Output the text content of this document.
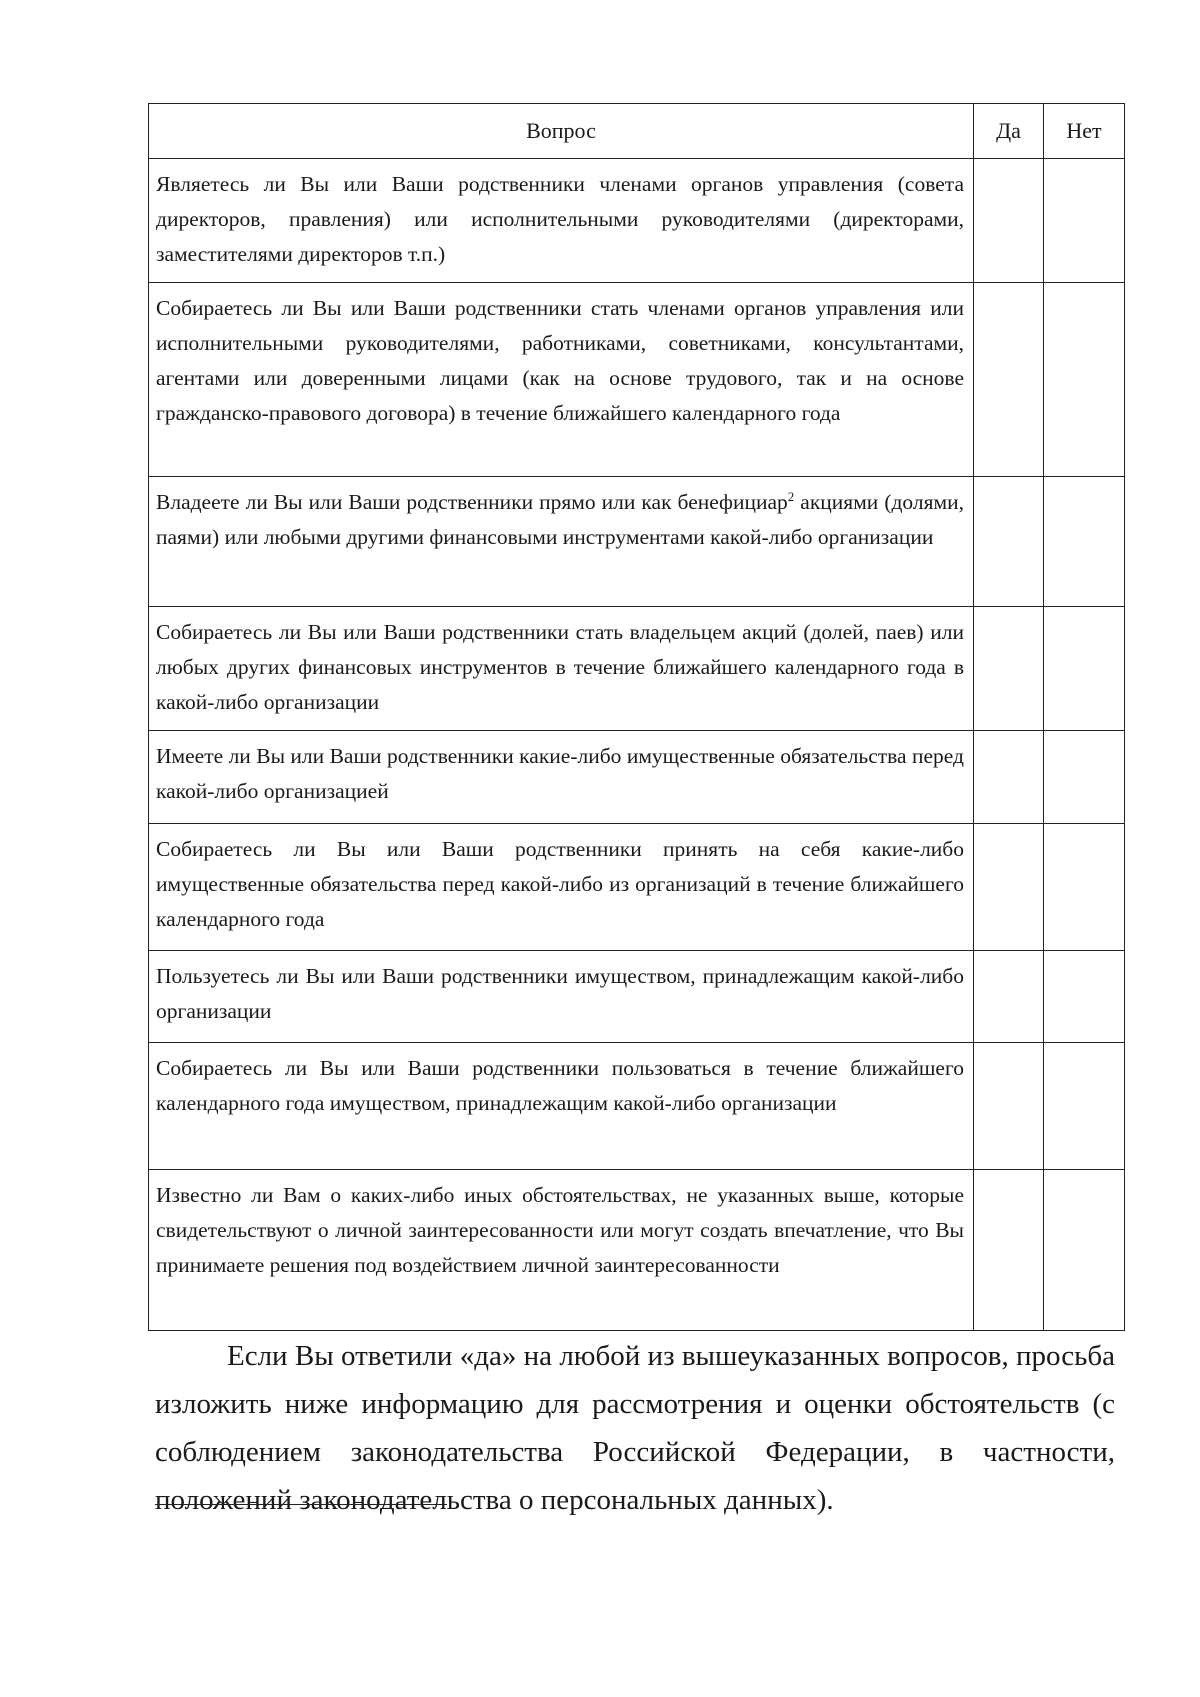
Вопрос	Да	Нет
Являетесь ли Вы или Ваши родственники членами органов управления (совета директоров, правления) или исполнительными руководителями (директорами, заместителями директоров т.п.)		
Собираетесь ли Вы или Ваши родственники стать членами органов управления или исполнительными руководителями, работниками, советниками, консультантами, агентами или доверенными лицами (как на основе трудового, так и на основе гражданско-правового договора) в течение ближайшего календарного года		
Владеете ли Вы или Ваши родственники прямо или как бенефициар$^2$ акциями (долями, паями) или любыми другими финансовыми инструментами какой-либо организации		
Собираетесь ли Вы или Ваши родственники стать владельцем акций (долей, паев) или любых других финансовых инструментов в течение ближайшего календарного года в какой-либо организации		
Имеете ли Вы или Ваши родственники какие-либо имущественные обязательства перед какой-либо организацией		
Собираетесь ли Вы или Ваши родственники принять на себя какие-либо имущественные обязательства перед какой-либо из организаций в течение ближайшего календарного года		
Пользуетесь ли Вы или Ваши родственники имуществом, принадлежащим какой-либо организации		
Собираетесь ли Вы или Ваши родственники пользоваться в течение ближайшего календарного года имуществом, принадлежащим какой-либо организации		
Известно ли Вам о каких-либо иных обстоятельствах, не указанных выше, которые свидетельствуют о личной заинтересованности или могут создать впечатление, что Вы принимаете решения под воздействием личной заинтересованности		

Если Вы ответили «да» на любой из вышеуказанных вопросов, просьба изложить ниже информацию для рассмотрения и оценки обстоятельств (с соблюдением законодательства Российской Федерации, в частности, положений законодательства о персональных данных).
